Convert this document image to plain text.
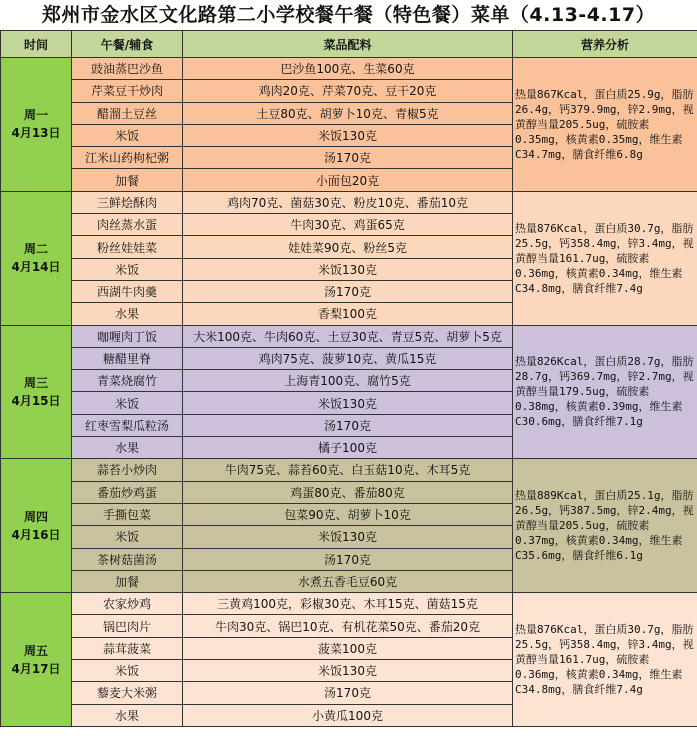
郑州市金水区文化路第二小学校餐午餐（特色餐）菜单（4.13-4.17）
时间	午餐/辅食	菜品配料	营养分析

周一
4月13日	豉油蒸巴沙鱼	巴沙鱼100克、生菜60克	热量867Kcal，蛋白质25.9g，脂肪26.4g，钙379.9mg，锌2.9mg，视黄醇当量205.5ug，硫胺素0.35mg，核黄素0.35mg，维生素C34.7mg，膳食纤维6.8g
	芹菜豆干炒肉	鸡肉20克、芹菜70克、豆干20克	
	醋溜土豆丝	土豆80克、胡萝卜10克、青椒5克	
	米饭	米饭130克	
	江米山药枸杞粥	汤170克	
	加餐	小面包20克	

周二
4月14日	三鲜烩酥肉	鸡肉70克、菌菇30克、粉皮10克、番茄10克	热量876Kcal，蛋白质30.7g，脂肪25.5g，钙358.4mg，锌3.4mg，视黄醇当量161.7ug，硫胺素0.36mg，核黄素0.34mg，维生素C34.8mg，膳食纤维7.4g
	肉丝蒸水蛋	牛肉30克、鸡蛋65克	
	粉丝娃娃菜	娃娃菜90克、粉丝5克	
	米饭	米饭130克	
	西湖牛肉羹	汤170克	
	水果	香梨100克	

周三
4月15日	咖喱肉丁饭	大米100克、牛肉60克、土豆30克、青豆5克、胡萝卜5克	热量826Kcal，蛋白质28.7g，脂肪28.7g，钙369.7mg，锌2.7mg，视黄醇当量179.5ug，硫胺素0.38mg，核黄素0.39mg，维生素C30.6mg，膳食纤维7.1g
	糖醋里脊	鸡肉75克、菠萝10克、黄瓜15克	
	青菜烧腐竹	上海青100克、腐竹5克	
	米饭	米饭130克	
	红枣雪梨瓜粒汤	汤170克	
	水果	橘子100克	

周四
4月16日	蒜苔小炒肉	牛肉75克、蒜苔60克、白玉菇10克、木耳5克	热量889Kcal，蛋白质25.1g，脂肪26.5g，钙387.5mg，锌2.4mg，视黄醇当量205.5ug，硫胺素0.37mg，核黄素0.34mg，维生素C35.6mg，膳食纤维6.1g
	番茄炒鸡蛋	鸡蛋80克、番茄80克	
	手撕包菜	包菜90克、胡萝卜10克	
	米饭	米饭130克	
	茶树菇菌汤	汤170克	
	加餐	水煮五香毛豆60克	

周五
4月17日	农家炒鸡	三黄鸡100克，彩椒30克、木耳15克、菌菇15克	热量876Kcal，蛋白质30.7g，脂肪25.5g，钙358.4mg，锌3.4mg，视黄醇当量161.7ug，硫胺素0.36mg，核黄素0.34mg，维生素C34.8mg，膳食纤维7.4g
	锅巴肉片	牛肉30克、锅巴10克、有机花菜50克、番茄20克	
	蒜茸菠菜	菠菜100克	
	米饭	米饭130克	
	藜麦大米粥	汤170克	
	水果	小黄瓜100克	
